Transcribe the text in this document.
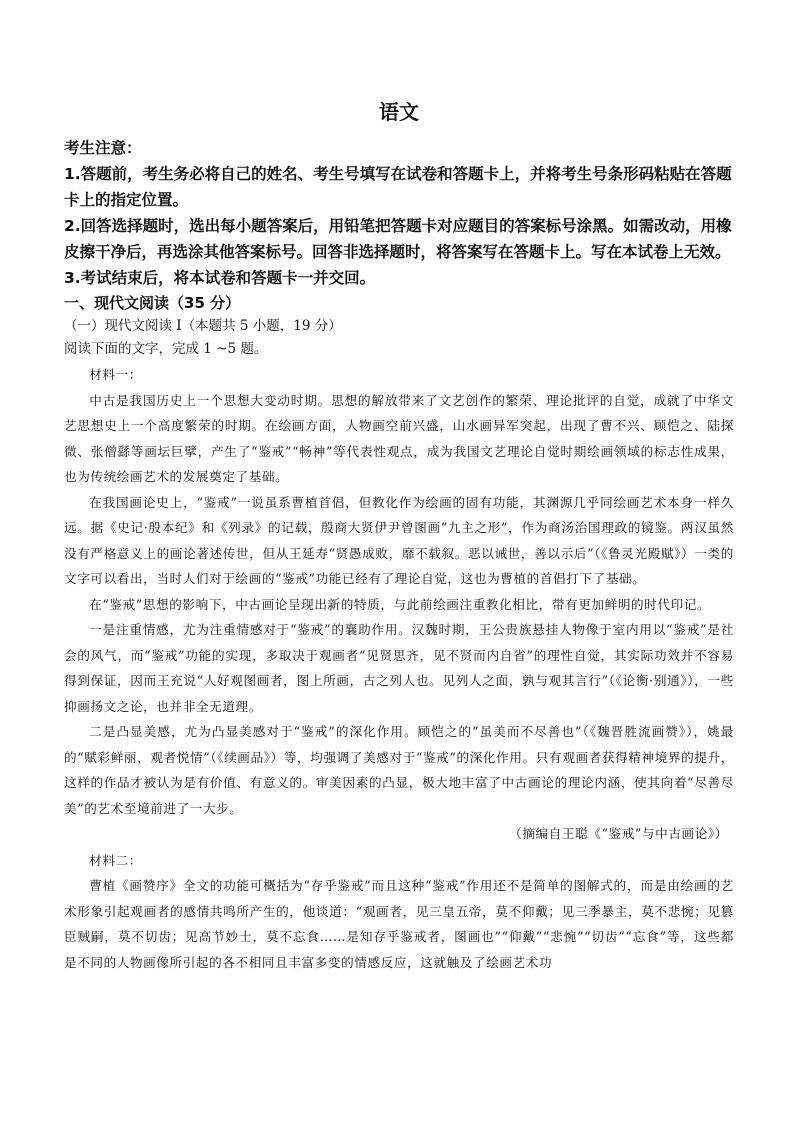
语文

考生注意：

1.答题前，考生务必将自己的姓名、考生号填写在试卷和答题卡上，并将考生号条形码粘贴在答题卡上的指定位置。

2.回答选择题时，选出每小题答案后，用铅笔把答题卡对应题目的答案标号涂黑。如需改动，用橡皮擦干净后，再选涂其他答案标号。回答非选择题时，将答案写在答题卡上。写在本试卷上无效。

3.考试结束后，将本试卷和答题卡一并交回。

一、现代文阅读（35 分）

（一）现代文阅读 I（本题共 5 小题，19 分）

阅读下面的文字，完成 1 ~5 题。

材料一：

中古是我国历史上一个思想大变动时期。思想的解放带来了文艺创作的繁荣、理论批评的自觉，成就了中华文艺思想史上一个高度繁荣的时期。在绘画方面，人物画空前兴盛，山水画异军突起，出现了曹不兴、顾恺之、陆探微、张僧繇等画坛巨擘，产生了“鉴戒”“畅神”等代表性观点，成为我国文艺理论自觉时期绘画领域的标志性成果，也为传统绘画艺术的发展奠定了基础。

在我国画论史上，“鉴戒”一说虽系曹植首倡，但教化作为绘画的固有功能，其渊源几乎同绘画艺术本身一样久远。据《史记·殷本纪》和《列录》的记载，殷商大贤伊尹曾图画“九主之形”，作为商汤治国理政的镜鉴。两汉虽然没有严格意义上的画论著述传世，但从王延寿“贤愚成败，靡不载叙。恶以诫世，善以示后”（《鲁灵光殿赋》）一类的文字可以看出，当时人们对于绘画的“鉴戒”功能已经有了理论自觉，这也为曹植的首倡打下了基础。

在“鉴戒”思想的影响下，中古画论呈现出新的特质，与此前绘画注重教化相比，带有更加鲜明的时代印记。

一是注重情感，尤为注重情感对于“鉴戒”的襄助作用。汉魏时期，王公贵族悬挂人物像于室内用以“鉴戒”是社会的风气，而“鉴戒”功能的实现，多取决于观画者“见贤思齐，见不贤而内自省”的理性自觉，其实际功效并不容易得到保证，因而王充说“人好观图画者，图上所画，古之列人也。见列人之面，孰与观其言行”（《论衡·别通》），一些抑画扬文之论，也并非全无道理。

二是凸显美感，尤为凸显美感对于“鉴戒”的深化作用。顾恺之的“虽美而不尽善也”（《魏晋胜流画赞》），姚最的“赋彩鲜丽，观者悦情”（《续画品》）等，均强调了美感对于“鉴戒”的深化作用。只有观画者获得精神境界的提升，这样的作品才被认为是有价值、有意义的。审美因素的凸显，极大地丰富了中古画论的理论内涵，使其向着“尽善尽美”的艺术至境前进了一大步。

（摘编自王聪《“鉴戒”与中古画论》）

材料二：

曹植《画赞序》全文的功能可概括为“存乎鉴戒”而且这种“鉴戒”作用还不是简单的图解式的，而是由绘画的艺术形象引起观画者的感情共鸣所产生的，他谈道：“观画者，见三皇五帝，莫不仰戴；见三季暴主，莫不悲惋；见篡臣贼嗣，莫不切齿；见高节妙士，莫不忘食……是知存乎鉴戒者，图画也”“仰戴”“悲惋”“切齿”“忘食”等，这些都是不同的人物画像所引起的各不相同且丰富多变的情感反应，这就触及了绘画艺术功
